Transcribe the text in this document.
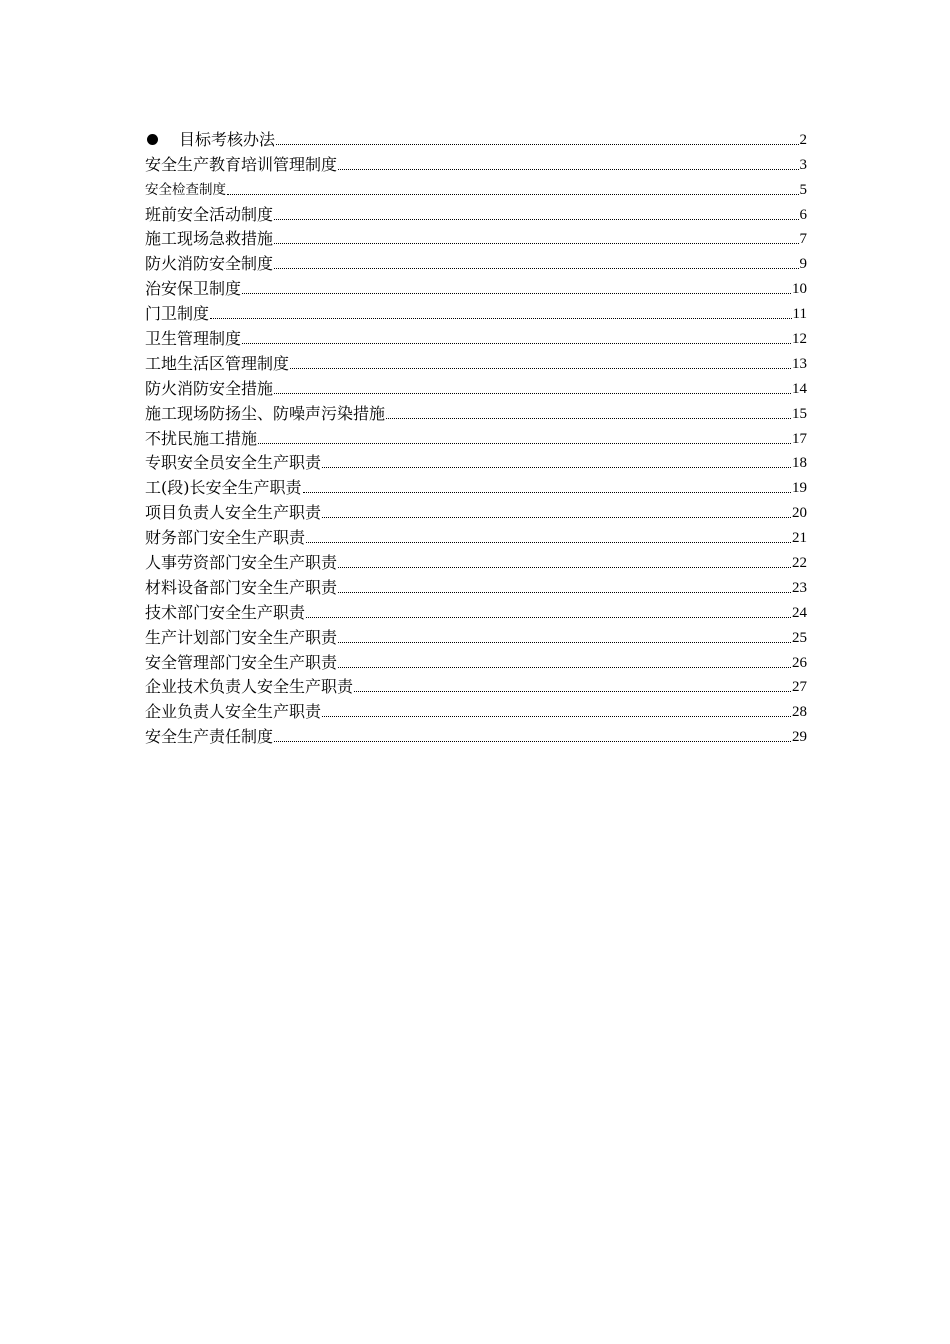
目标考核办法	2
安全生产教育培训管理制度	3
安全检查制度	5
班前安全活动制度	6
施工现场急救措施	7
防火消防安全制度	9
治安保卫制度	10
门卫制度	11
卫生管理制度	12
工地生活区管理制度	13
防火消防安全措施	14
施工现场防扬尘、防噪声污染措施	15
不扰民施工措施	17
专职安全员安全生产职责	18
工(段)长安全生产职责	19
项目负责人安全生产职责	20
财务部门安全生产职责	21
人事劳资部门安全生产职责	22
材料设备部门安全生产职责	23
技术部门安全生产职责	24
生产计划部门安全生产职责	25
安全管理部门安全生产职责	26
企业技术负责人安全生产职责	27
企业负责人安全生产职责	28
安全生产责任制度	29
